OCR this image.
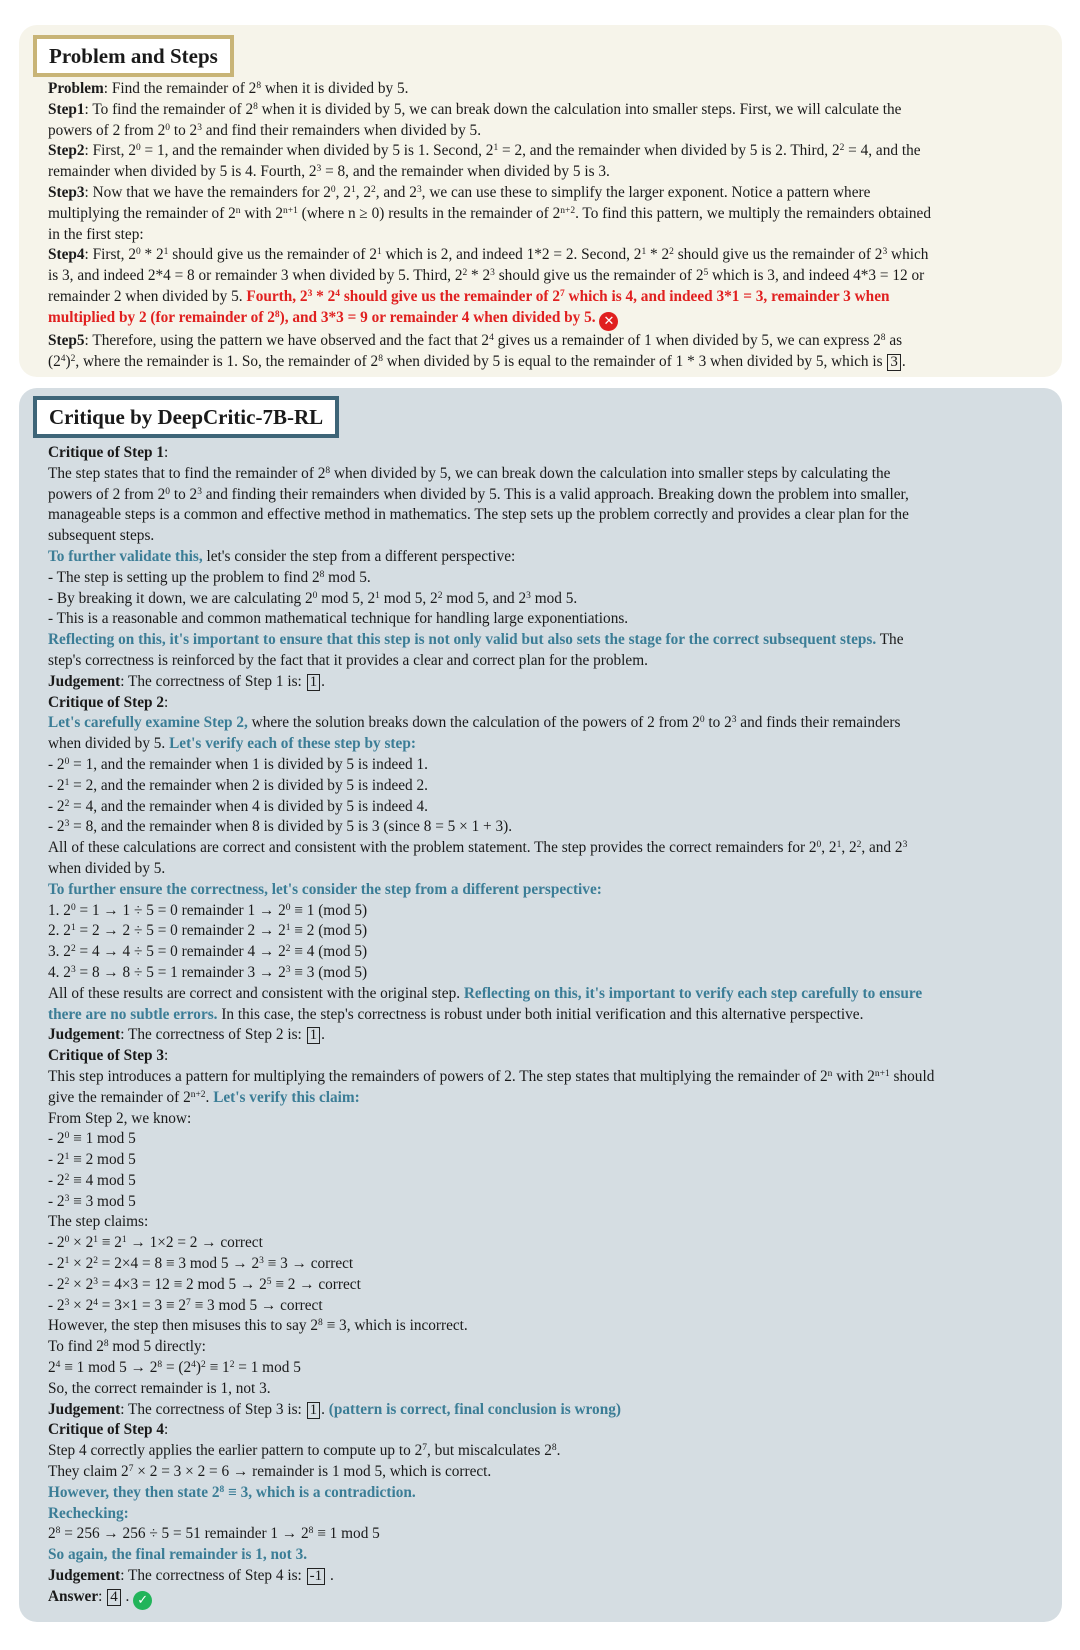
Problem and Steps
Problem: Find the remainder of $2^8$ when it is divided by 5.
Step1: To find the remainder of $2^8$ when it is divided by 5, we can break down the calculation into smaller steps. First, we will calculate the
powers of 2 from $2^0$ to $2^3$ and find their remainders when divided by 5.
Step2: First, $2^0 = 1$, and the remainder when divided by 5 is 1. Second, $2^1 = 2$, and the remainder when divided by 5 is 2. Third, $2^2 = 4$, and the
remainder when divided by 5 is 4. Fourth, $2^3 = 8$, and the remainder when divided by 5 is 3.
Step3: Now that we have the remainders for $2^0$, $2^1$, $2^2$, and $2^3$, we can use these to simplify the larger exponent. Notice a pattern where
multiplying the remainder of 2$^n$ with $2^{n+1}$ (where n ≥ 0) results in the remainder of $2^{n+2}$. To find this pattern, we multiply the remainders obtained
in the first step:
Step4: First, $2^0 * 2^1$ should give us the remainder of $2^1$ which is 2, and indeed 1*2 = 2. Second, $2^1 * 2^2$ should give us the remainder of $2^3$ which
is 3, and indeed 2*4 = 8 or remainder 3 when divided by 5. Third, $2^2 * 2^3$ should give us the remainder of $2^5$ which is 3, and indeed 4*3 = 12 or
remainder 2 when divided by 5. Fourth, $2^3 * 2^4$ should give us the remainder of $2^7$ which is 4, and indeed 3*1 = 3, remainder 3 when
multiplied by 2 (for remainder of $2^8$), and 3*3 = 9 or remainder 4 when divided by 5. ✕
Step5: Therefore, using the pattern we have observed and the fact that $2^4$ gives us a remainder of 1 when divided by 5, we can express $2^8$ as
$(2^4)^2$, where the remainder is 1. So, the remainder of $2^8$ when divided by 5 is equal to the remainder of 1 * 3 when divided by 5, which is 3 .
Critique by DeepCritic-7B-RL
Critique of Step 1:
The step states that to find the remainder of $2^8$ when divided by 5, we can break down the calculation into smaller steps by calculating the
powers of 2 from $2^0$ to $2^3$ and finding their remainders when divided by 5. This is a valid approach. Breaking down the problem into smaller,
manageable steps is a common and effective method in mathematics. The step sets up the problem correctly and provides a clear plan for the
subsequent steps.
To further validate this, let's consider the step from a different perspective:
- The step is setting up the problem to find $2^8$ mod 5.
- By breaking it down, we are calculating $2^0$ mod 5, $2^1$ mod 5, $2^2$ mod 5, and $2^3$ mod 5.
- This is a reasonable and common mathematical technique for handling large exponentiations.
Reflecting on this, it's important to ensure that this step is not only valid but also sets the stage for the correct subsequent steps. The
step's correctness is reinforced by the fact that it provides a clear and correct plan for the problem.
Judgement: The correctness of Step 1 is: 1 .
Critique of Step 2:
Let's carefully examine Step 2, where the solution breaks down the calculation of the powers of 2 from $2^0$ to $2^3$ and finds their remainders
when divided by 5. Let's verify each of these step by step:
- $2^0 = 1$, and the remainder when 1 is divided by 5 is indeed 1.
- $2^1 = 2$, and the remainder when 2 is divided by 5 is indeed 2.
- $2^2 = 4$, and the remainder when 4 is divided by 5 is indeed 4.
- $2^3 = 8$, and the remainder when 8 is divided by 5 is 3 (since 8 = 5 × 1 + 3).
All of these calculations are correct and consistent with the problem statement. The step provides the correct remainders for $2^0$, $2^1$, $2^2$, and $2^3$
when divided by 5.
To further ensure the correctness, let's consider the step from a different perspective:
1. $2^0 = 1 \to 1 \div 5 = 0$ remainder $1 \to 2^0 \equiv 1$ (mod 5)
2. $2^1 = 2 \to 2 \div 5 = 0$ remainder $2 \to 2^1 \equiv 2$ (mod 5)
3. $2^2 = 4 \to 4 \div 5 = 0$ remainder $4 \to 2^2 \equiv 4$ (mod 5)
4. $2^3 = 8 \to 8 \div 5 = 1$ remainder $3 \to 2^3 \equiv 3$ (mod 5)
All of these results are correct and consistent with the original step. Reflecting on this, it's important to verify each step carefully to ensure
there are no subtle errors. In this case, the step's correctness is robust under both initial verification and this alternative perspective.
Judgement: The correctness of Step 2 is: 1 .
Critique of Step 3:
This step introduces a pattern for multiplying the remainders of powers of 2. The step states that multiplying the remainder of 2$^n$ with $2^{n+1}$ should
give the remainder of $2^{n+2}$. Let's verify this claim:
From Step 2, we know:
- $2^0 \equiv 1$ mod 5
- $2^1 \equiv 2$ mod 5
- $2^2 \equiv 4$ mod 5
- $2^3 \equiv 3$ mod 5
The step claims:
- $2^0 \times 2^1 \equiv 2^1 \to 1\times 2 = 2$ → correct
- $2^1 \times 2^2 = 2\times 4 = 8 \equiv 3$ mod $5 \to 2^3 \equiv 3$ → correct
- $2^2 \times 2^3 = 4\times 3 = 12 \equiv 2$ mod $5 \to 2^5 \equiv 2$ → correct
- $2^3 \times 2^4 = 3\times 1 = 3 \equiv 2^7 \equiv 3$ mod 5 → correct
However, the step then misuses this to say $2^8 \equiv 3$, which is incorrect.
To find $2^8$ mod 5 directly:
$2^4 \equiv 1$ mod $5 \to 2^8 = (2^4)^2 \equiv 1^2 = 1$ mod 5
So, the correct remainder is 1, not 3.
Judgement: The correctness of Step 3 is: 1 . (pattern is correct, final conclusion is wrong)
Critique of Step 4:
Step 4 correctly applies the earlier pattern to compute up to $2^7$, but miscalculates $2^8$.
They claim $2^7 \times 2 = 3 \times 2 = 6$ → remainder is 1 mod 5, which is correct.
However, they then state $2^8 \equiv 3$, which is a contradiction.
Rechecking:
$2^8 = 256 \to 256 \div 5 = 51$ remainder $1 \to 2^8 \equiv 1$ mod 5
So again, the final remainder is 1, not 3.
Judgement: The correctness of Step 4 is: -1 .
Answer: 4 . ✓
